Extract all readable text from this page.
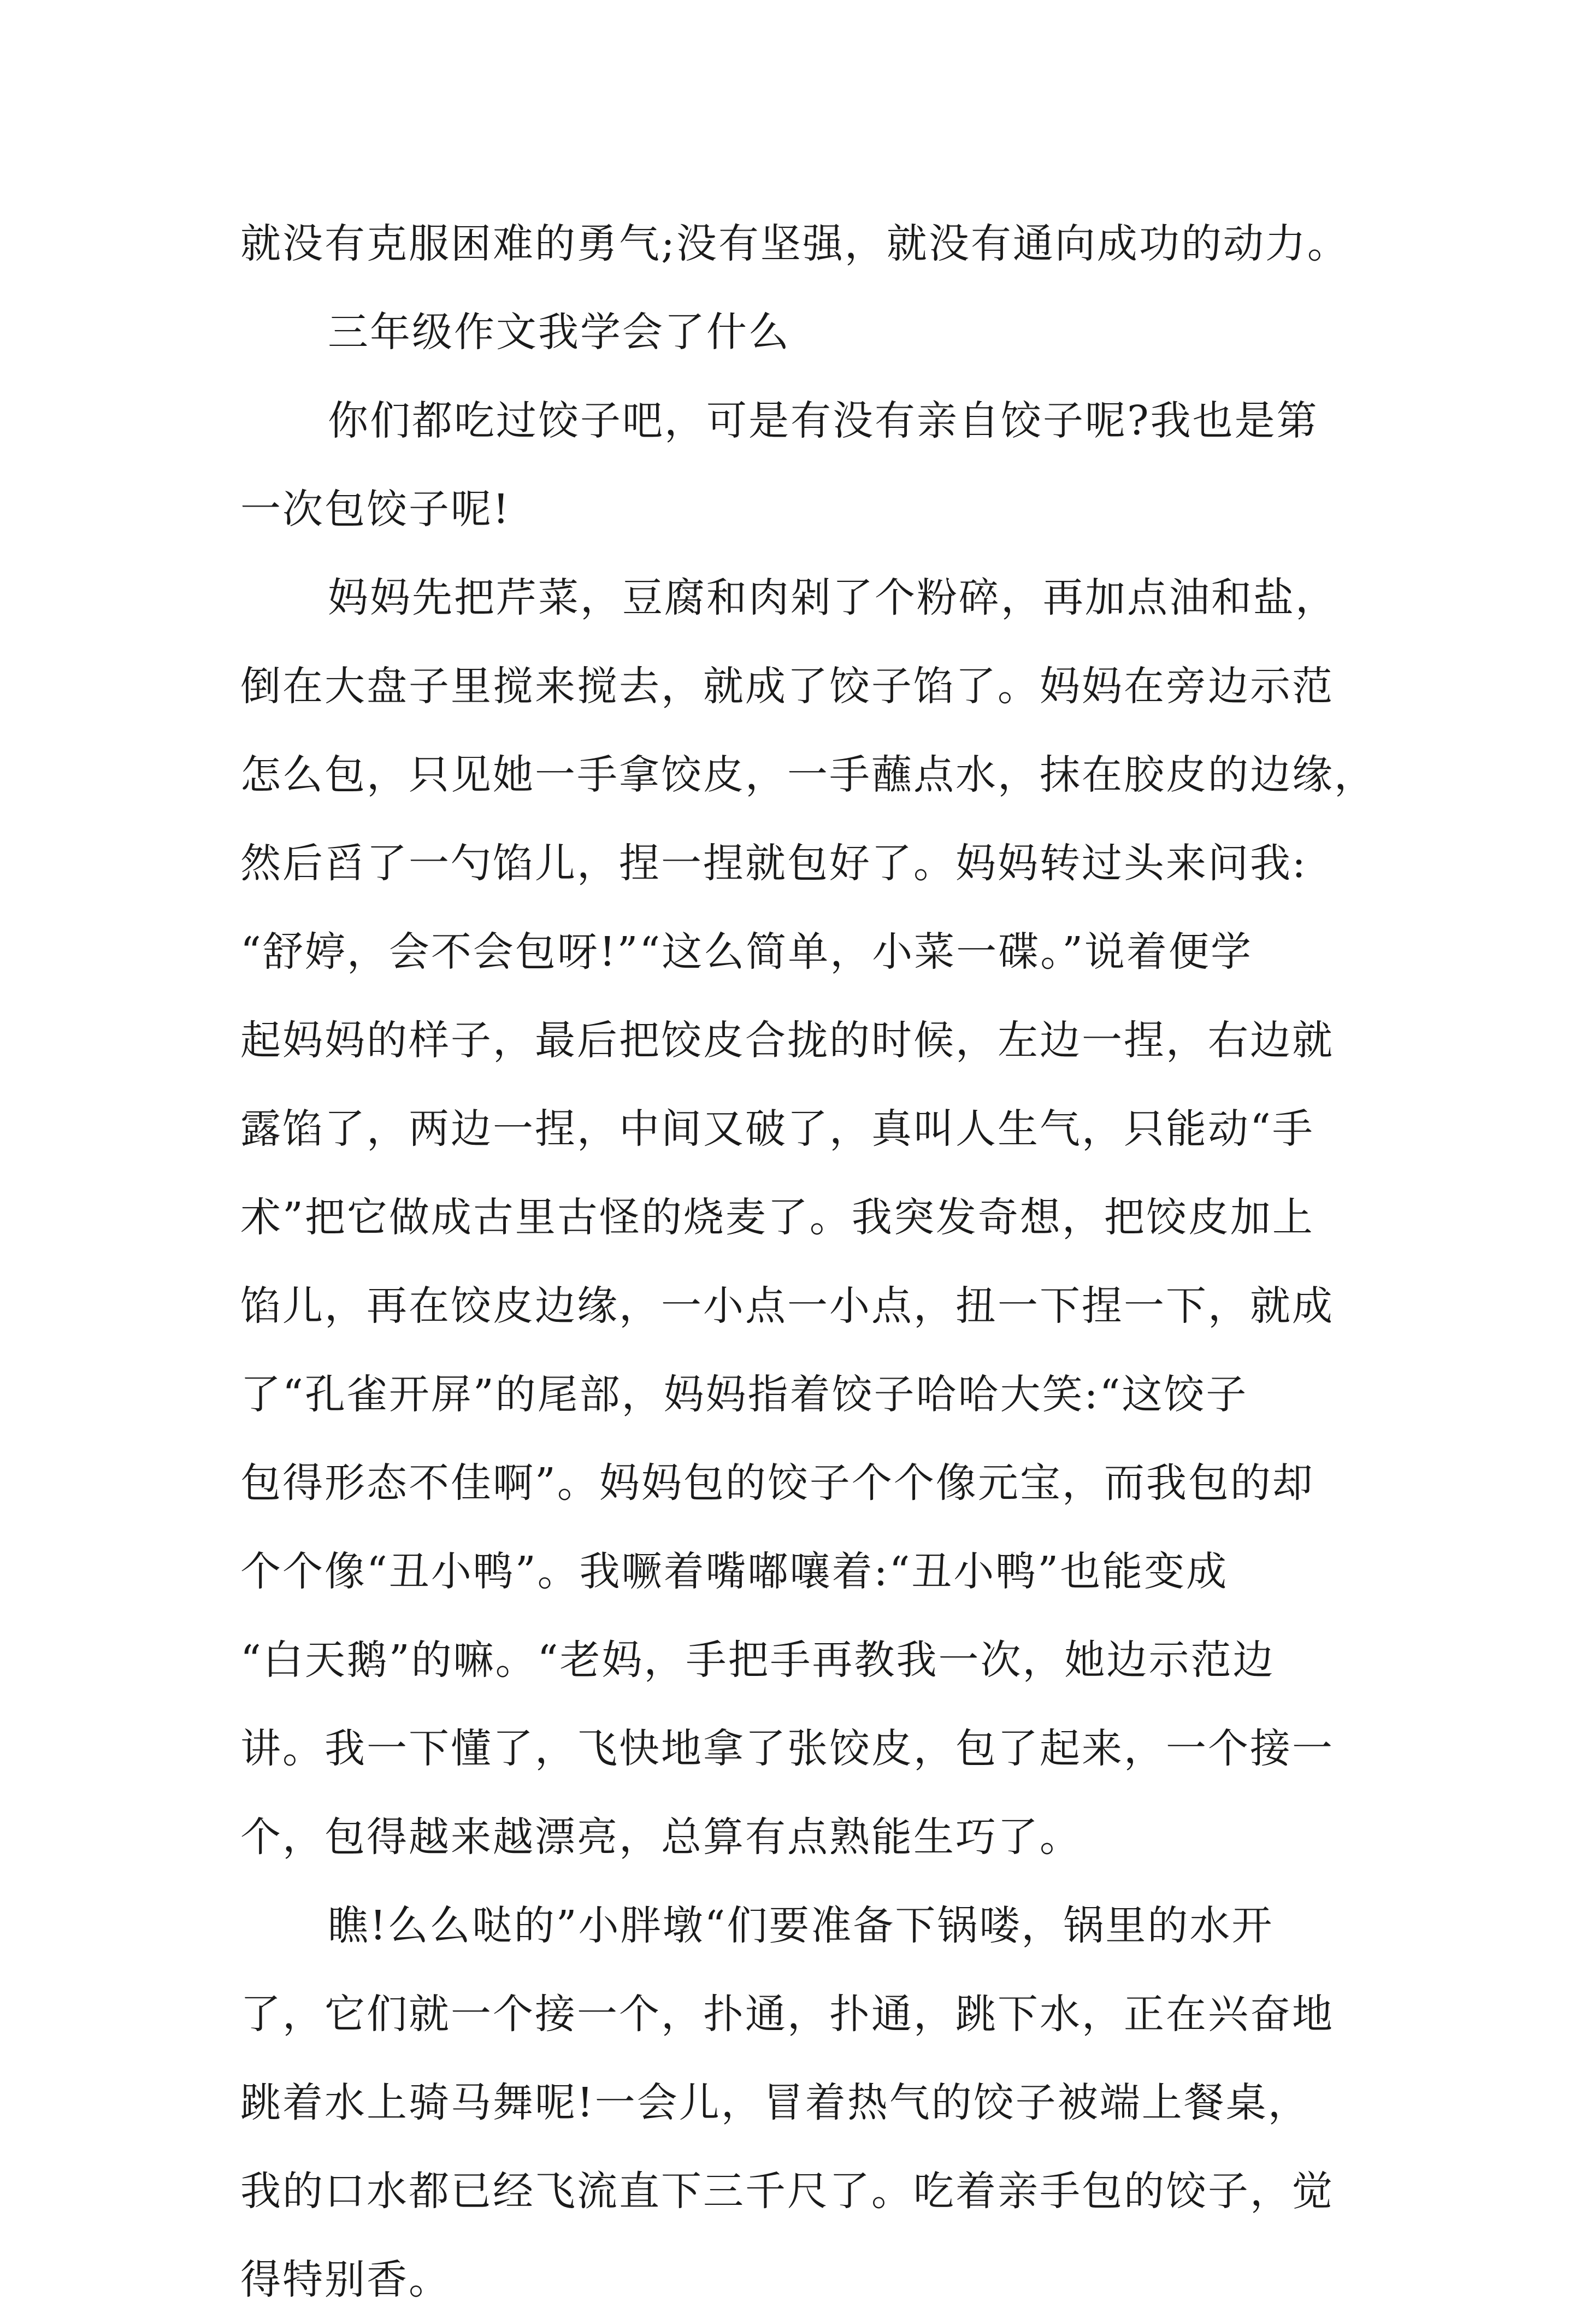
就没有克服困难的勇气;没有坚强，就没有通向成功的动力。
三年级作文我学会了什么
你们都吃过饺子吧，可是有没有亲自饺子呢?我也是第
一次包饺子呢!
妈妈先把芹菜，豆腐和肉剁了个粉碎，再加点油和盐，
倒在大盘子里搅来搅去，就成了饺子馅了。妈妈在旁边示范
怎么包，只见她一手拿饺皮，一手蘸点水，抹在胶皮的边缘，
然后舀了一勺馅儿，捏一捏就包好了。妈妈转过头来问我:
“舒婷，会不会包呀!”“这么简单，小菜一碟。”说着便学
起妈妈的样子，最后把饺皮合拢的时候，左边一捏，右边就
露馅了，两边一捏，中间又破了，真叫人生气，只能动“手
术”把它做成古里古怪的烧麦了。我突发奇想，把饺皮加上
馅儿，再在饺皮边缘，一小点一小点，扭一下捏一下，就成
了“孔雀开屏”的尾部，妈妈指着饺子哈哈大笑:“这饺子
包得形态不佳啊”。妈妈包的饺子个个像元宝，而我包的却
个个像“丑小鸭”。我噘着嘴嘟嚷着:“丑小鸭”也能变成
“白天鹅”的嘛。“老妈，手把手再教我一次，她边示范边
讲。我一下懂了，飞快地拿了张饺皮，包了起来，一个接一
个，包得越来越漂亮，总算有点熟能生巧了。
瞧!么么哒的”小胖墩“们要准备下锅喽，锅里的水开
了，它们就一个接一个，扑通，扑通，跳下水，正在兴奋地
跳着水上骑马舞呢!一会儿，冒着热气的饺子被端上餐桌，
我的口水都已经飞流直下三千尺了。吃着亲手包的饺子，觉
得特别香。
